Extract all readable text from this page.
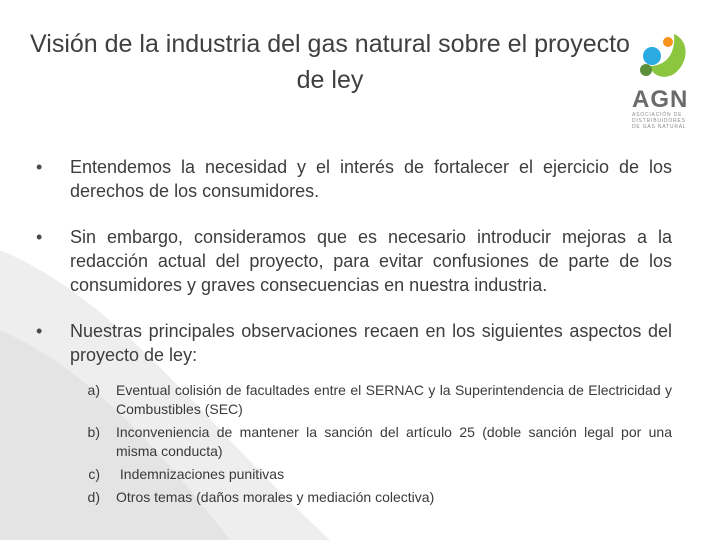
Visión de la industria del gas natural sobre el proyecto de ley
AGN
ASOCIACIÓN DE DISTRIBUIDORES DE GAS NATURAL
• Entendemos la necesidad y el interés de fortalecer el ejercicio de los derechos de los consumidores.
• Sin embargo, consideramos que es necesario introducir mejoras a la redacción actual del proyecto, para evitar confusiones de parte de los consumidores y graves consecuencias en nuestra industria.
• Nuestras principales observaciones recaen en los siguientes aspectos del proyecto de ley:
a) Eventual colisión de facultades entre el SERNAC y la Superintendencia de Electricidad y Combustibles (SEC)
b) Inconveniencia de mantener la sanción del artículo 25 (doble sanción legal por una misma conducta)
c) Indemnizaciones punitivas
d) Otros temas (daños morales y mediación colectiva)
